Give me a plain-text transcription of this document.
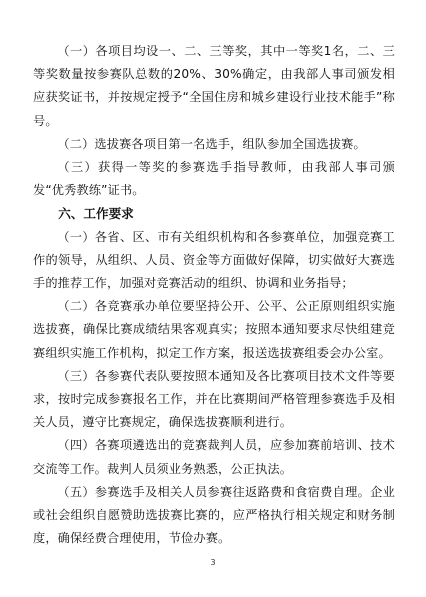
（一）各项目均设一、二、三等奖，其中一等奖1名，二、三等奖数量按参赛队总数的20%、30%确定，由我部人事司颁发相应获奖证书，并按规定授予“全国住房和城乡建设行业技术能手”称号。

（二）选拔赛各项目第一名选手，组队参加全国选拔赛。

（三）获得一等奖的参赛选手指导教师，由我部人事司颁发“优秀教练”证书。

六、工作要求

（一）各省、区、市有关组织机构和各参赛单位，加强竞赛工作的领导，从组织、人员、资金等方面做好保障，切实做好大赛选手的推荐工作，加强对竞赛活动的组织、协调和业务指导；

（二）各竞赛承办单位要坚持公开、公平、公正原则组织实施选拔赛，确保比赛成绩结果客观真实；按照本通知要求尽快组建竞赛组织实施工作机构，拟定工作方案，报送选拔赛组委会办公室。

（三）各参赛代表队要按照本通知及各比赛项目技术文件等要求，按时完成参赛报名工作，并在比赛期间严格管理参赛选手及相关人员，遵守比赛规定，确保选拔赛顺利进行。

（四）各赛项遴选出的竞赛裁判人员，应参加赛前培训、技术交流等工作。裁判人员须业务熟悉，公正执法。

（五）参赛选手及相关人员参赛往返路费和食宿费自理。企业或社会组织自愿赞助选拔赛比赛的，应严格执行相关规定和财务制度，确保经费合理使用，节俭办赛。

3
